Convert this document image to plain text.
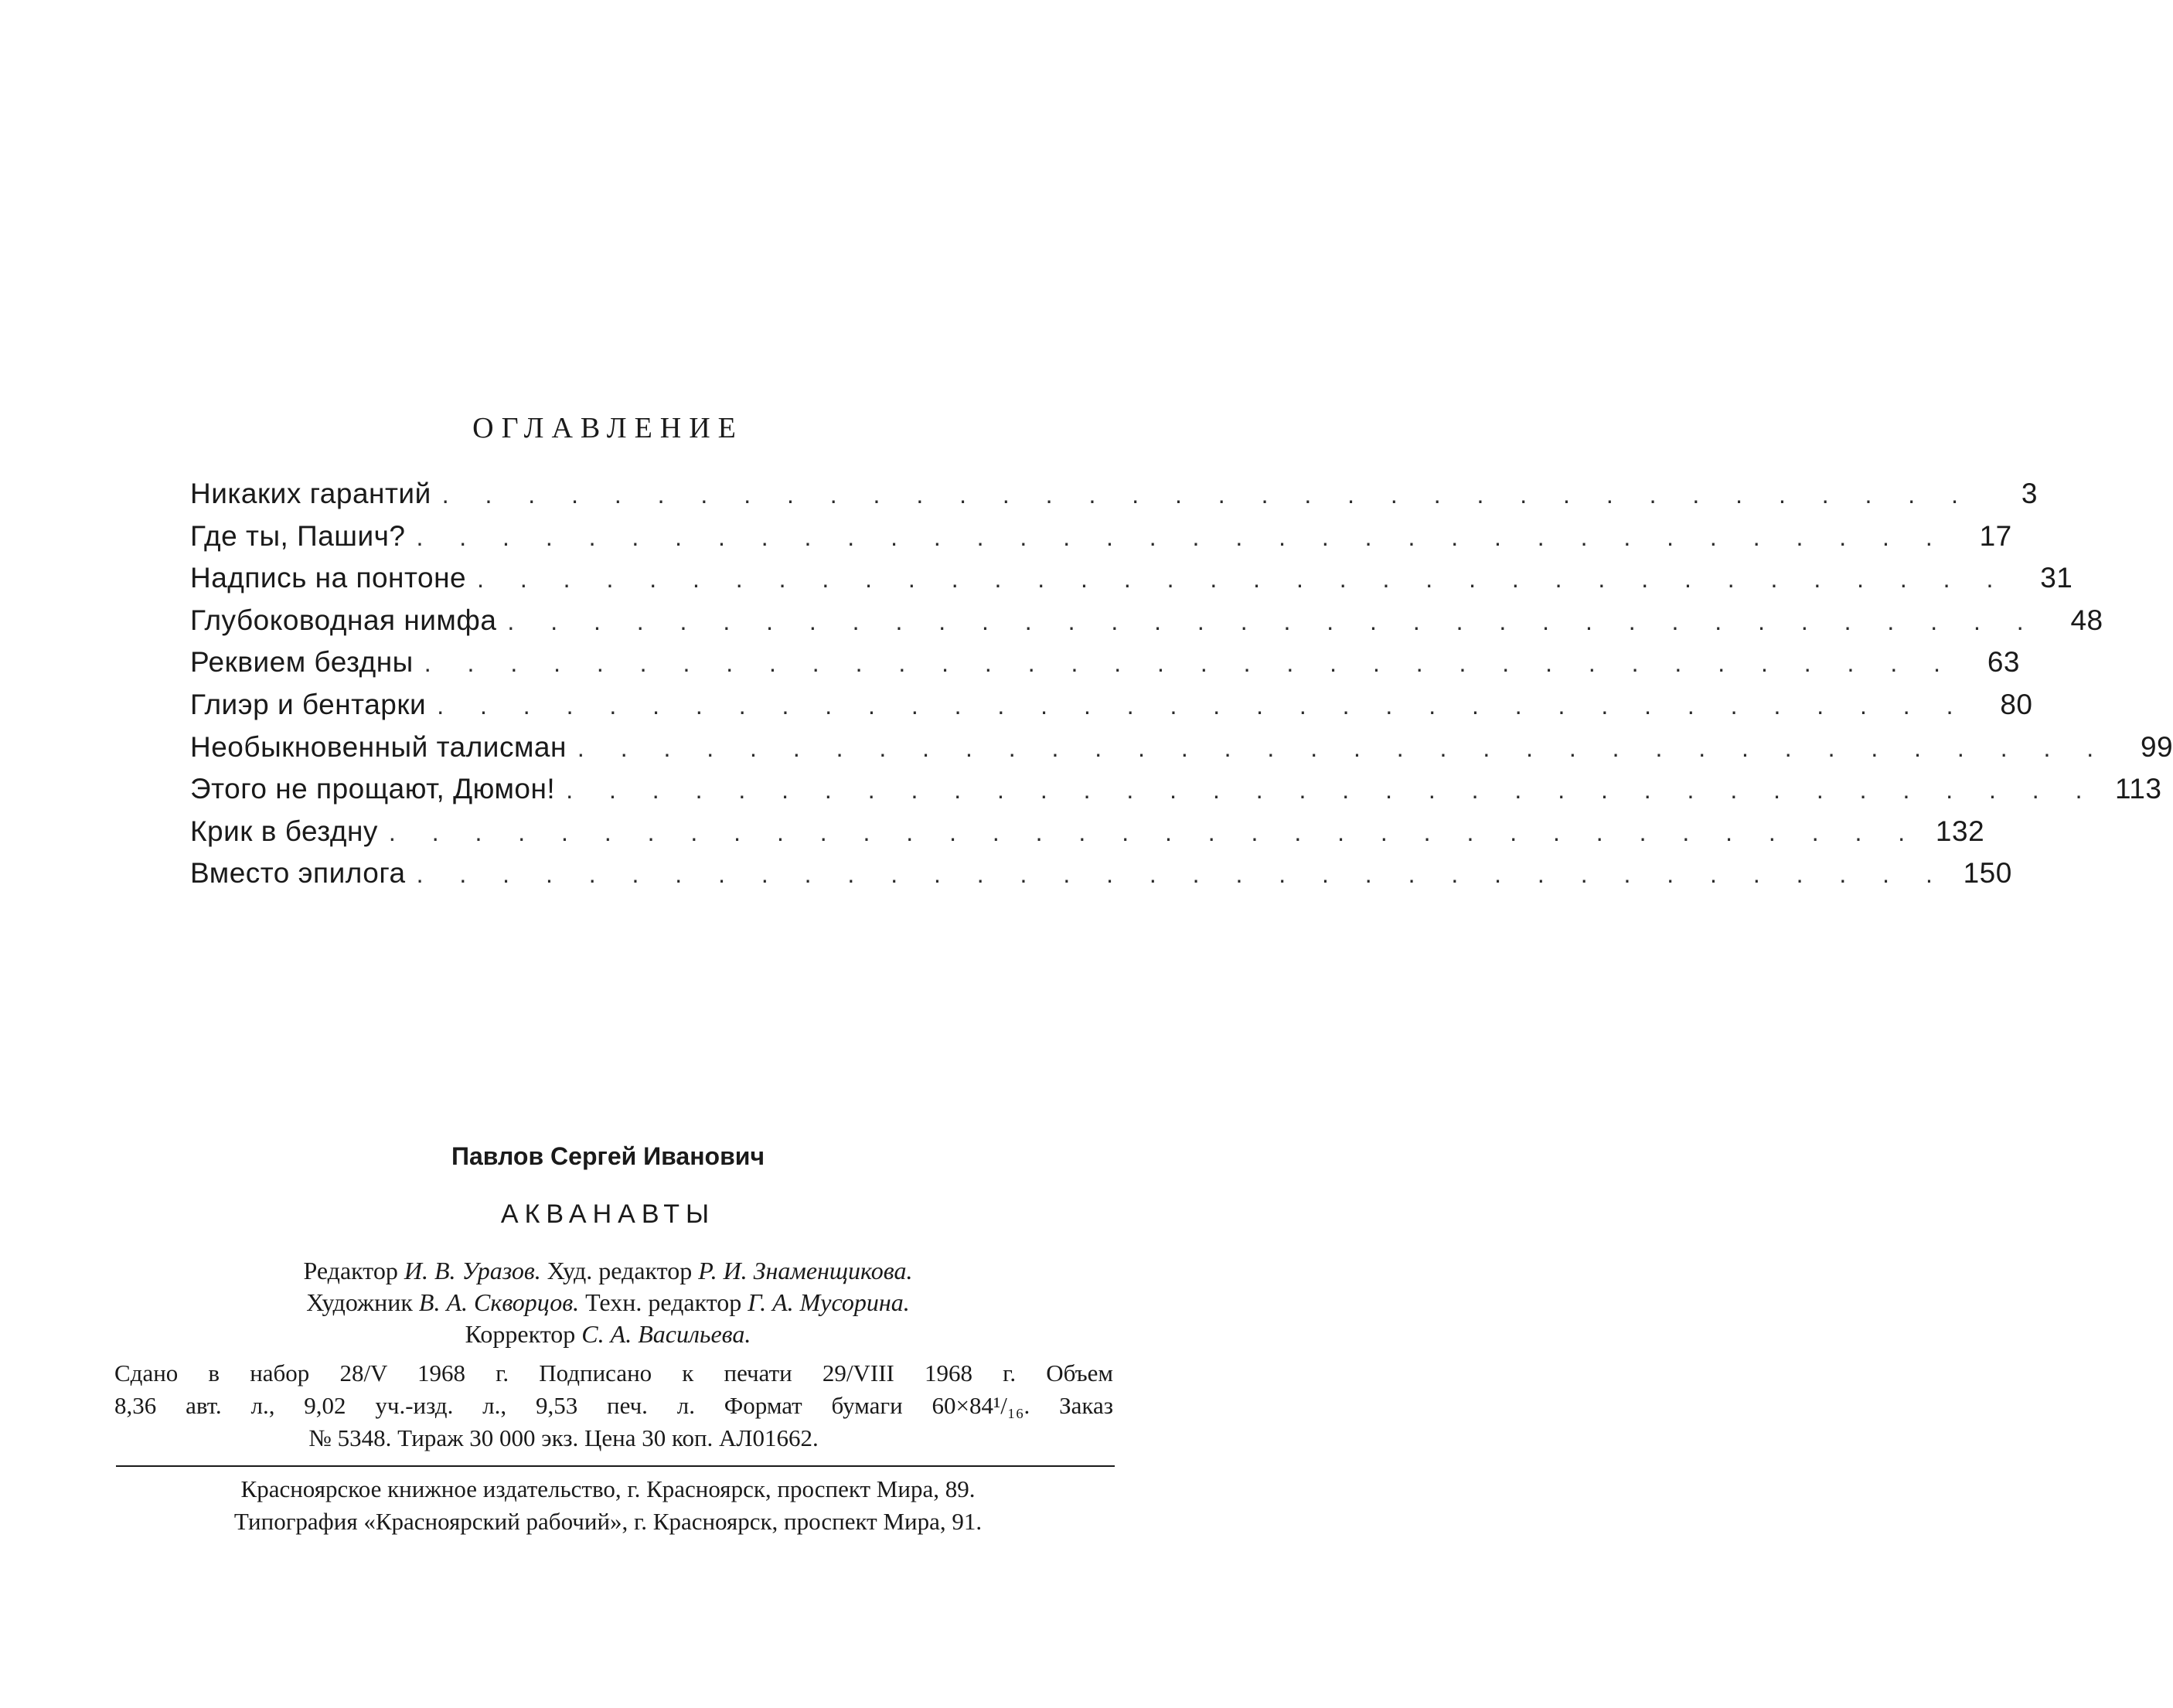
ОГЛАВЛЕНИЕ
Никаких гарантий . . . . . . . . . . . . . . . . . . . . . . . . . . . . . . . . . . . .	3
Где ты, Пашич? . . . . . . . . . . . . . . . . . . . . . . . . . . . . . . . . . . . .	17
Надпись на понтоне . . . . . . . . . . . . . . . . . . . . . . . . . . . . . . . . . . . .	31
Глубоководная нимфа . . . . . . . . . . . . . . . . . . . . . . . . . . . . . . . . . . . .	48
Реквием бездны . . . . . . . . . . . . . . . . . . . . . . . . . . . . . . . . . . . .	63
Глиэр и бентарки . . . . . . . . . . . . . . . . . . . . . . . . . . . . . . . . . . . .	80
Необыкновенный талисман . . . . . . . . . . . . . . . . . . . . . . . . . . . . . . . . . . . .	99
Этого не прощают, Дюмон! . . . . . . . . . . . . . . . . . . . . . . . . . . . . . . . . . . . . 113
Крик в бездну . . . . . . . . . . . . . . . . . . . . . . . . . . . . . . . . . . . . 132
Вместо эпилога . . . . . . . . . . . . . . . . . . . . . . . . . . . . . . . . . . . . 150

Павлов Сергей Иванович

АКВАНАВТЫ
Редактор И. В. Уразов. Худ. редактор Р. И. Знаменщикова.
Художник В. А. Скворцов. Техн. редактор Г. А. Мусорина.
Корректор С. А. Васильева.
Сдано в набор 28/V 1968 г. Подписано к печати 29/VIII 1968 г. Объем
8,36 авт. л., 9,02 уч.-изд. л., 9,53 печ. л. Формат бумаги 60×84¹/₁₆. Заказ
№ 5348. Тираж 30 000 экз. Цена 30 коп. АЛ01662.
Красноярское книжное издательство, г. Красноярск, проспект Мира, 89.
Типография «Красноярский рабочий», г. Красноярск, проспект Мира, 91.
